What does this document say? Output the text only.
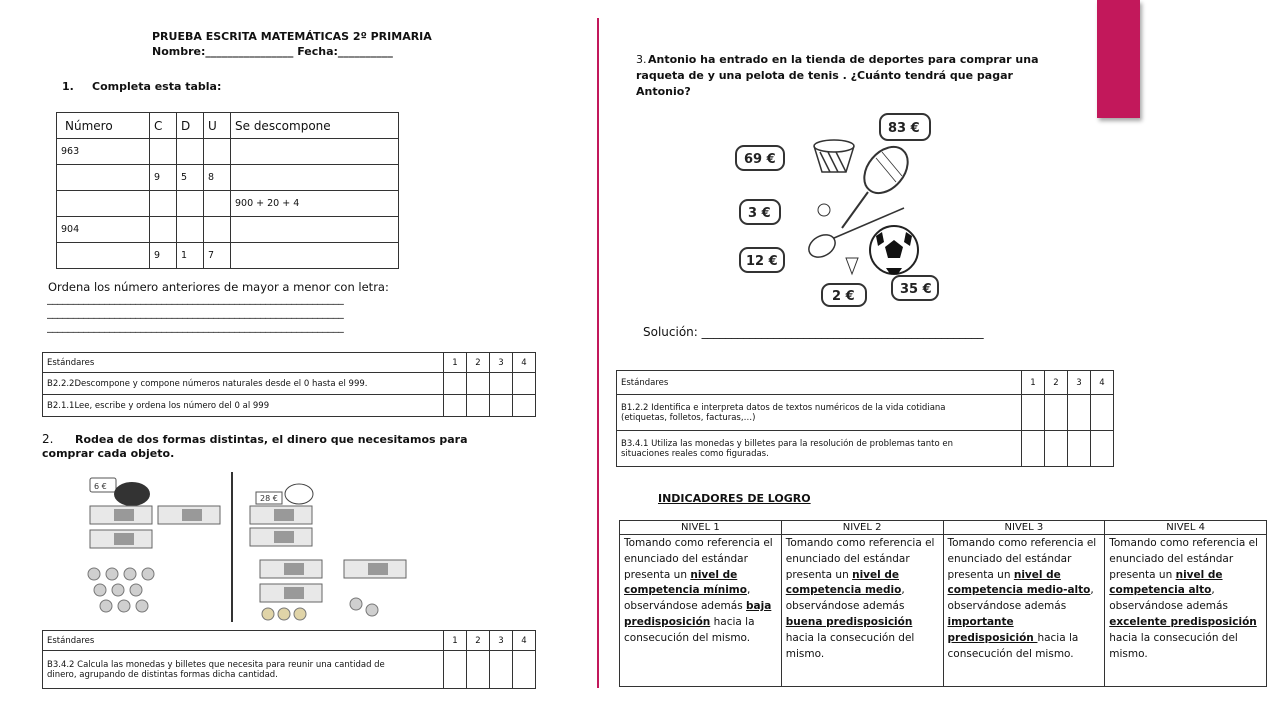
PRUEBA ESCRITA MATEMÁTICAS 2º PRIMARIA
Nombre:________________ Fecha:__________
1. Completa esta tabla:
Número	C	D	U	Se descompone
963				
	9	5	8	
				900 + 20 + 4
904				
	9	1	7	
Ordena los número anteriores de mayor a menor con letra:
_________________________________________________________
_________________________________________________________
_________________________________________________________
Estándares	1	2	3	4
B2.2.2Descompone y compone números naturales desde el 0 hasta el 999.				
B2.1.1Lee, escribe y ordena los número del 0 al 999				
2.	Rodea de dos formas distintas, el dinero que necesitamos para comprar cada objeto.
6 €
28 €
Estándares	1	2	3	4
B3.4.2 Calcula las monedas y billetes que necesita para reunir una cantidad de dinero, agrupando de distintas formas dicha cantidad.				
3. Antonio ha entrado en la tienda de deportes para comprar una raqueta de y una pelota de tenis . ¿Cuánto tendrá que pagar Antonio?
69 €
83 €
3 €
12 €
2 €	35 €
Solución: _______________________________________________
Estándares	1	2	3	4
B1.2.2 Identifica e interpreta datos de textos numéricos de la vida cotidiana (etiquetas, folletos, facturas,…)				
B3.4.1 Utiliza las monedas y billetes para la resolución de problemas tanto en situaciones reales como figuradas.				
INDICADORES DE LOGRO
NIVEL 1	NIVEL 2	NIVEL 3	NIVEL 4
Tomando como referencia el enunciado del estándar presenta un nivel de competencia mínimo, observándose además baja predisposición hacia la consecución del mismo.	Tomando como referencia el enunciado del estándar presenta un nivel de competencia medio, observándose además buena predisposición hacia la consecución del mismo.	Tomando como referencia el enunciado del estándar presenta un nivel de competencia medio-alto, observándose además importante predisposición hacia la consecución del mismo.	Tomando como referencia el enunciado del estándar presenta un nivel de competencia alto, observándose además excelente predisposición hacia la consecución del mismo.
